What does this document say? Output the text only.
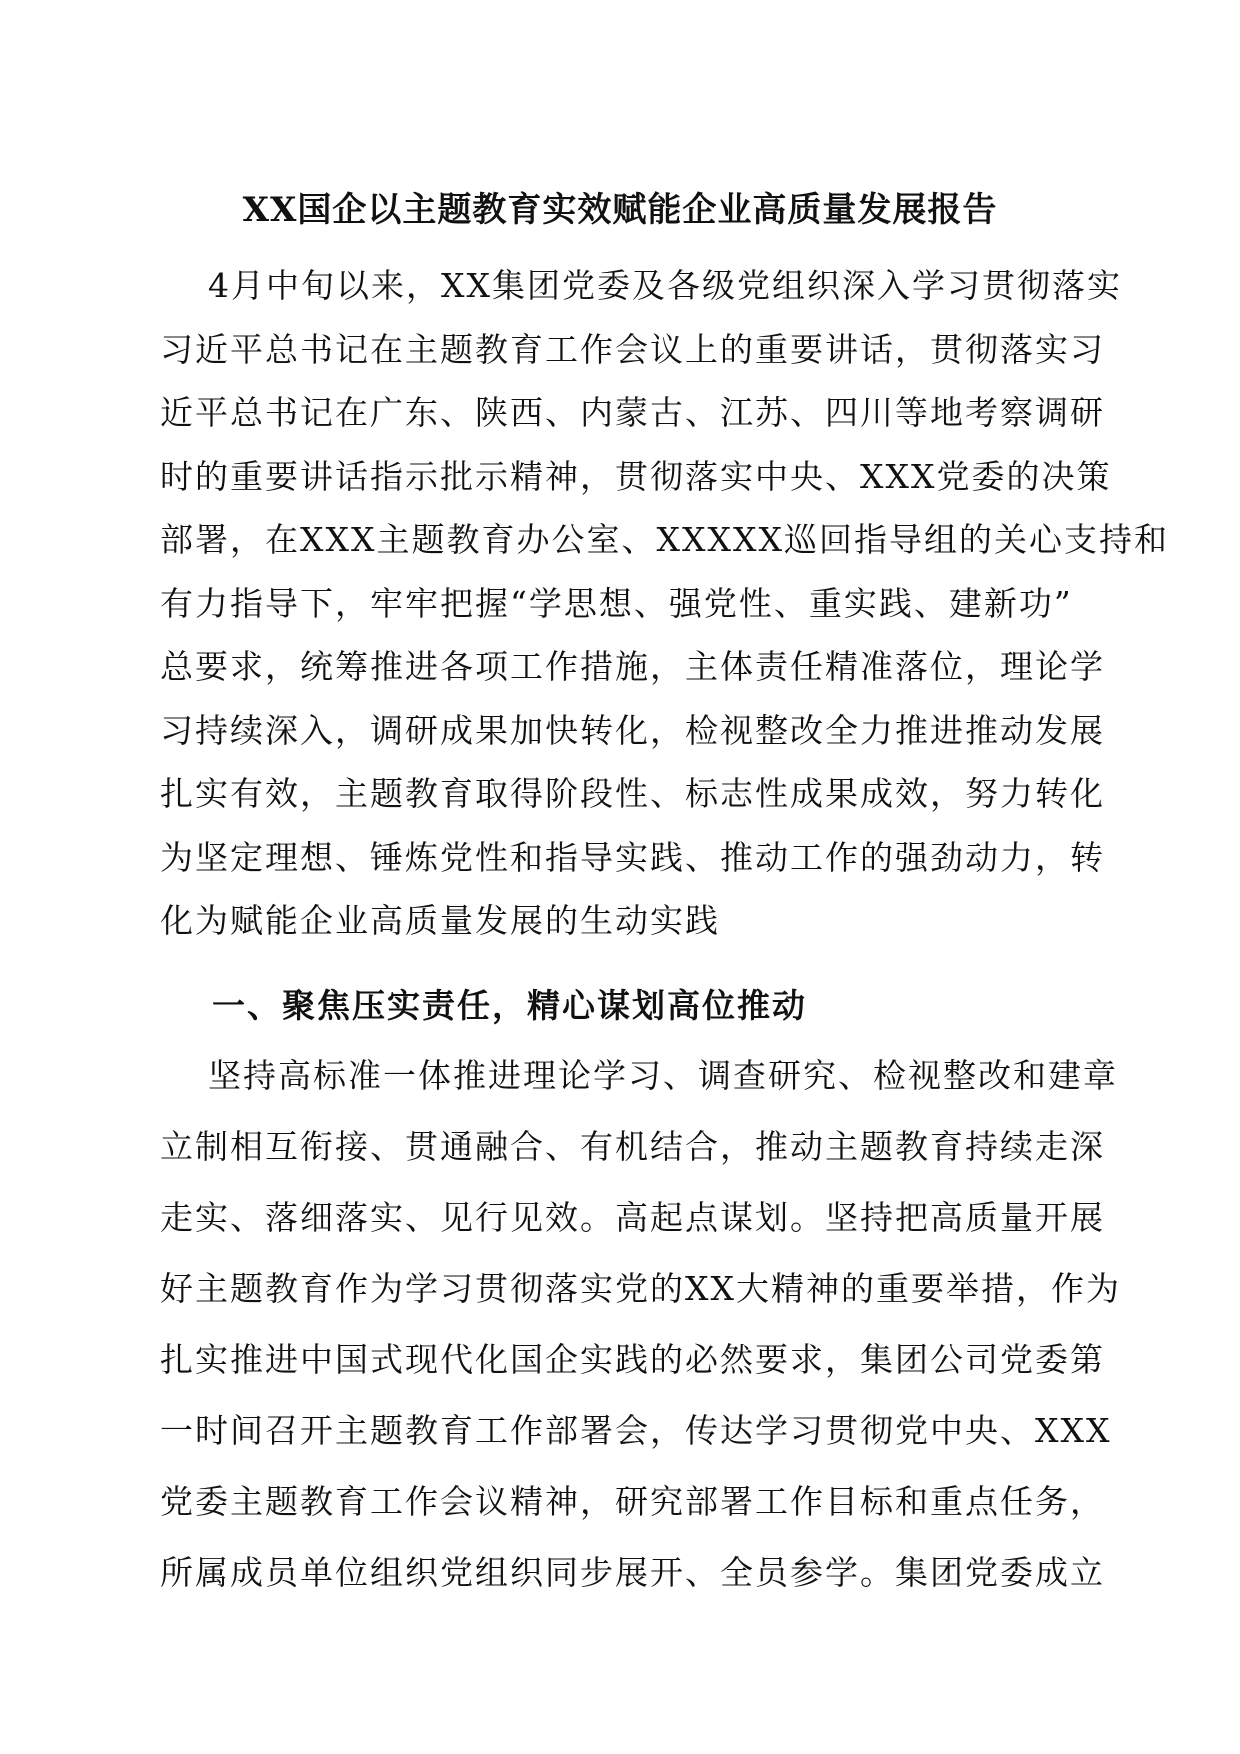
XX国企以主题教育实效赋能企业高质量发展报告

4月中旬以来，XX集团党委及各级党组织深入学习贯彻落实

习近平总书记在主题教育工作会议上的重要讲话，贯彻落实习

近平总书记在广东、陕西、内蒙古、江苏、四川等地考察调研

时的重要讲话指示批示精神，贯彻落实中央、XXX党委的决策

部署，在XXX主题教育办公室、XXXXX巡回指导组的关心支持和

有力指导下，牢牢把握“学思想、强党性、重实践、建新功”

总要求，统筹推进各项工作措施，主体责任精准落位，理论学

习持续深入，调研成果加快转化，检视整改全力推进推动发展

扎实有效，主题教育取得阶段性、标志性成果成效，努力转化

为坚定理想、锤炼党性和指导实践、推动工作的强劲动力，转

一、聚焦压实责任，精心谋划高位推动

坚持高标准一体推进理论学习、调查研究、检视整改和建章

立制相互衔接、贯通融合、有机结合，推动主题教育持续走深

走实、落细落实、见行见效。高起点谋划。坚持把高质量开展

好主题教育作为学习贯彻落实党的XX大精神的重要举措，作为

扎实推进中国式现代化国企实践的必然要求，集团公司党委第

一时间召开主题教育工作部署会，传达学习贯彻党中央、XXX

党委主题教育工作会议精神，研究部署工作目标和重点任务，

所属成员单位组织党组织同步展开、全员参学。集团党委成立

化为赋能企业高质量发展的生动实践
